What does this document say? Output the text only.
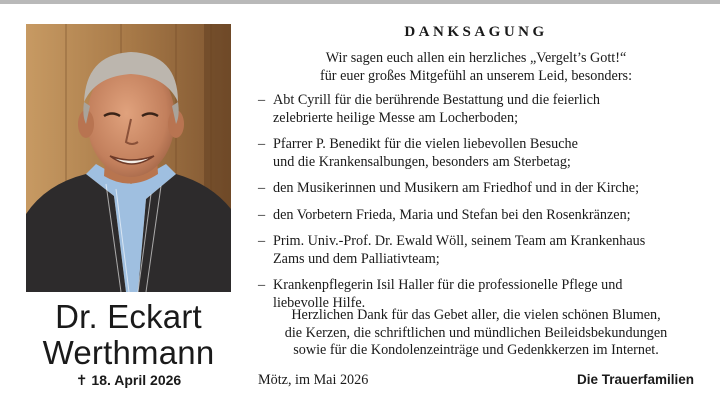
Dr. Eckart
Werthmann
✝ 18. April 2026
DANKSAGUNG
Wir sagen euch allen ein herzliches „Vergelt’s Gott!“
für euer großes Mitgefühl an unserem Leid, besonders:
– Abt Cyrill für die berührende Bestattung und die feierlich
zelebrierte heilige Messe am Locherboden;
– Pfarrer P. Benedikt für die vielen liebevollen Besuche
und die Krankensalbungen, besonders am Sterbetag;
– den Musikerinnen und Musikern am Friedhof und in der Kirche;
– den Vorbetern Frieda, Maria und Stefan bei den Rosenkränzen;
– Prim. Univ.-Prof. Dr. Ewald Wöll, seinem Team am Krankenhaus
Zams und dem Palliativteam;
– Krankenpflegerin Isil Haller für die professionelle Pflege und
liebevolle Hilfe.
Herzlichen Dank für das Gebet aller, die vielen schönen Blumen,
die Kerzen, die schriftlichen und mündlichen Beileidsbekundungen
sowie für die Kondolenzeinträge und Gedenkkerzen im Internet.
Mötz, im Mai 2026	Die Trauerfamilien
